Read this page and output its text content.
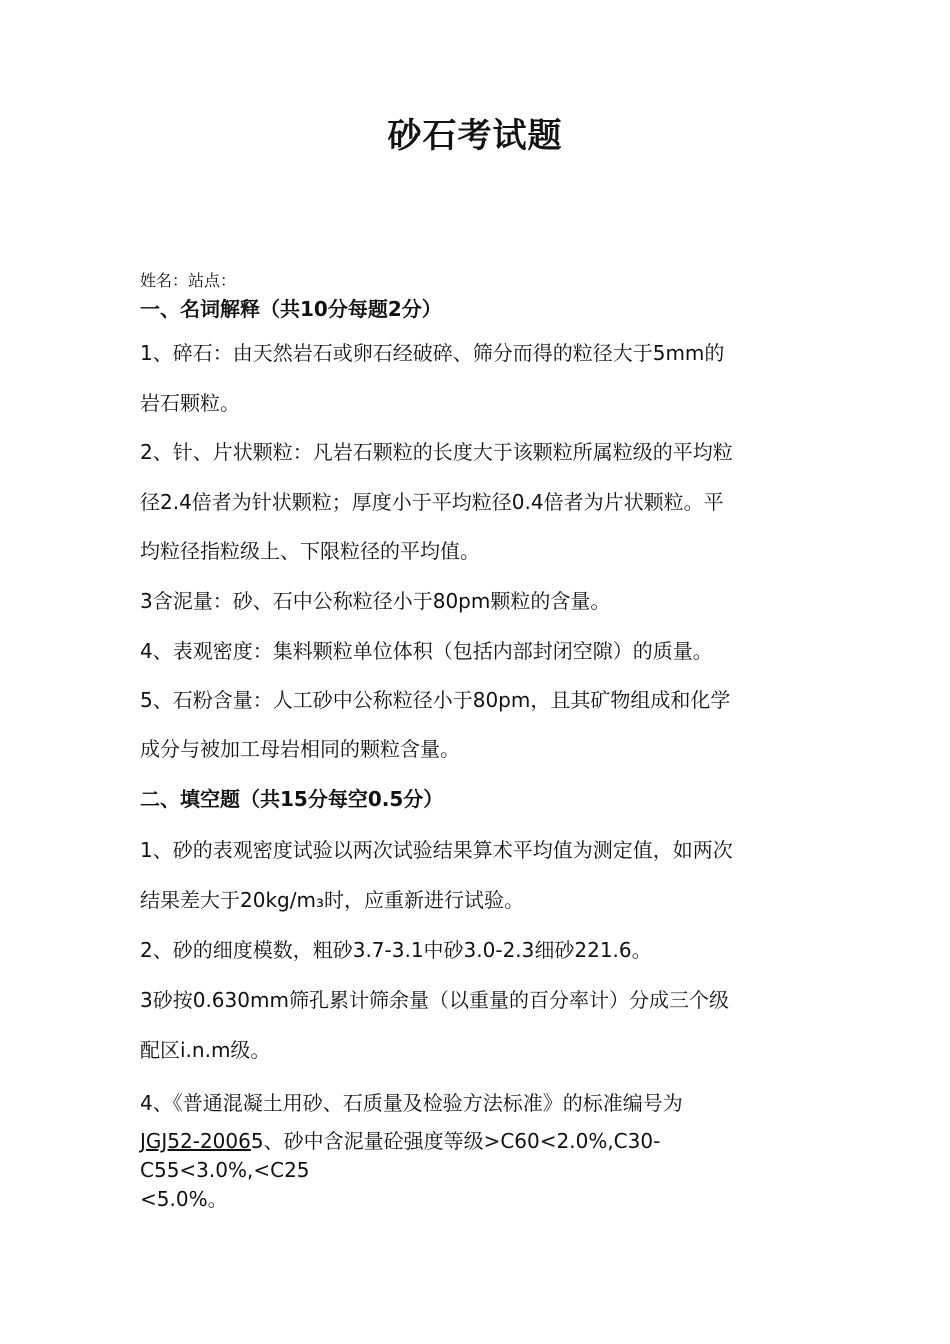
砂石考试题
姓名：站点：
一、名词解释（共10分每题2分）
1、碎石：由天然岩石或卵石经破碎、筛分而得的粒径大于5mm的
岩石颗粒。
2、针、片状颗粒：凡岩石颗粒的长度大于该颗粒所属粒级的平均粒
径2.4倍者为针状颗粒；厚度小于平均粒径0.4倍者为片状颗粒。平
均粒径指粒级上、下限粒径的平均值。
3含泥量：砂、石中公称粒径小于80pm颗粒的含量。
4、表观密度：集料颗粒单位体积（包括内部封闭空隙）的质量。
5、石粉含量：人工砂中公称粒径小于80pm，且其矿物组成和化学
成分与被加工母岩相同的颗粒含量。
二、填空题（共15分每空0.5分）
1、砂的表观密度试验以两次试验结果算术平均值为测定值，如两次
结果差大于20kg/m₃时，应重新进行试验。
2、砂的细度模数，粗砂3.7-3.1中砂3.0-2.3细砂221.6。
3砂按0.630mm筛孔累计筛余量（以重量的百分率计）分成三个级
配区i.n.m级。
4、《普通混凝土用砂、石质量及检验方法标准》的标准编号为
JGJ52-20065、砂中含泥量砼强度等级>C60<2.0%,C30-
C55<3.0%,<C25
<5.0%。
